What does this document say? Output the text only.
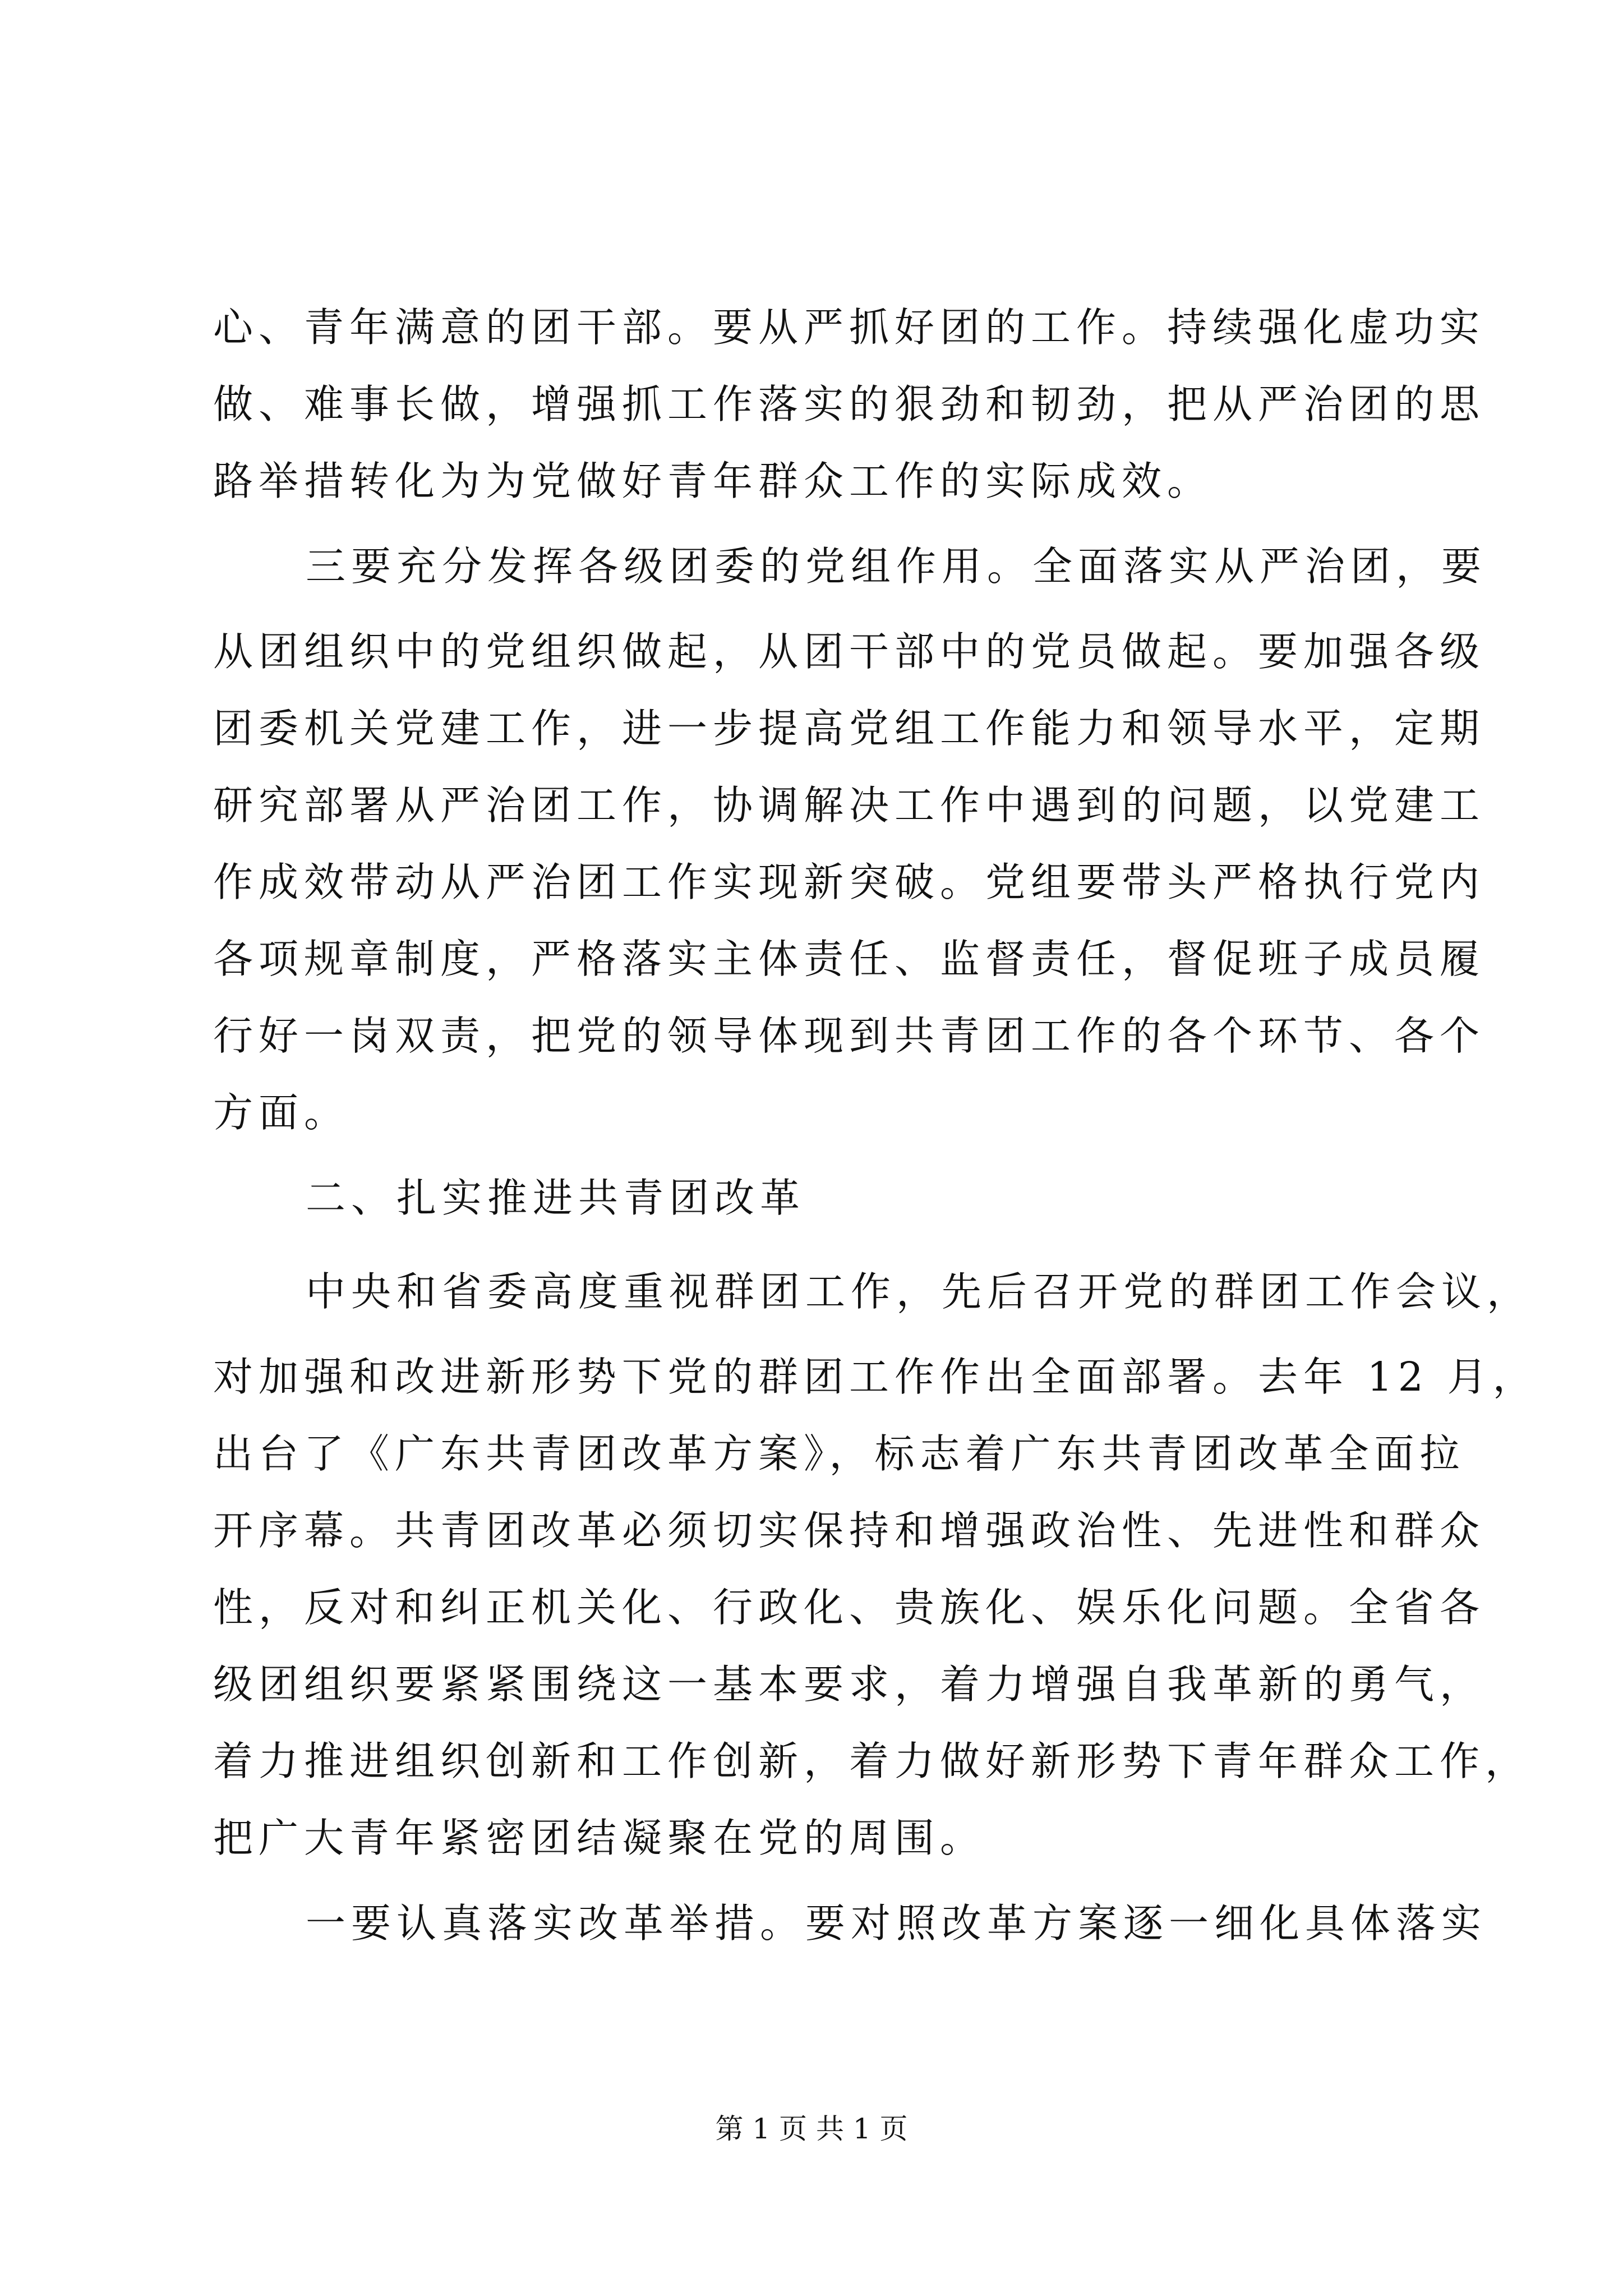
心、青年满意的团干部。要从严抓好团的工作。持续强化虚功实
做、难事长做，增强抓工作落实的狠劲和韧劲，把从严治团的思
路举措转化为为党做好青年群众工作的实际成效。
三要充分发挥各级团委的党组作用。全面落实从严治团，要
从团组织中的党组织做起，从团干部中的党员做起。要加强各级
团委机关党建工作，进一步提高党组工作能力和领导水平，定期
研究部署从严治团工作，协调解决工作中遇到的问题，以党建工
作成效带动从严治团工作实现新突破。党组要带头严格执行党内
各项规章制度，严格落实主体责任、监督责任，督促班子成员履
行好一岗双责，把党的领导体现到共青团工作的各个环节、各个
方面。
二、扎实推进共青团改革
中央和省委高度重视群团工作，先后召开党的群团工作会议，
对加强和改进新形势下党的群团工作作出全面部署。去年 12 月，
出台了《广东共青团改革方案》，标志着广东共青团改革全面拉
开序幕。共青团改革必须切实保持和增强政治性、先进性和群众
性，反对和纠正机关化、行政化、贵族化、娱乐化问题。全省各
级团组织要紧紧围绕这一基本要求，着力增强自我革新的勇气，
着力推进组织创新和工作创新，着力做好新形势下青年群众工作，
把广大青年紧密团结凝聚在党的周围。
一要认真落实改革举措。要对照改革方案逐一细化具体落实
第 1 页 共 1 页
